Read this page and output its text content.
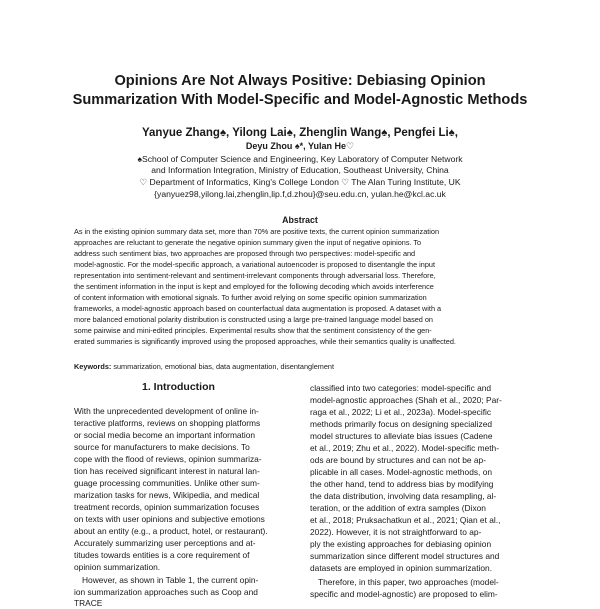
Opinions Are Not Always Positive: Debiasing Opinion
Summarization With Model-Specific and Model-Agnostic Methods
Yanyue Zhang♠, Yilong Lai♠, Zhenglin Wang♠, Pengfei Li♠,
Deyu Zhou ♠*, Yulan He♡
♠School of Computer Science and Engineering, Key Laboratory of Computer Network
and Information Integration, Ministry of Education, Southeast University, China
♡ Department of Informatics, King's College London ♡ The Alan Turing Institute, UK
{yanyuez98,yilong.lai,zhenglin,lip.f,d.zhou}@seu.edu.cn, yulan.he@kcl.ac.uk
Abstract
As in the existing opinion summary data set, more than 70% are positive texts, the current opinion summarization
approaches are reluctant to generate the negative opinion summary given the input of negative opinions. To
address such sentiment bias, two approaches are proposed through two perspectives: model-specific and
model-agnostic. For the model-specific approach, a variational autoencoder is proposed to disentangle the input
representation into sentiment-relevant and sentiment-irrelevant components through adversarial loss. Therefore,
the sentiment information in the input is kept and employed for the following decoding which avoids interference
of content information with emotional signals. To further avoid relying on some specific opinion summarization
frameworks, a model-agnostic approach based on counterfactual data augmentation is proposed. A dataset with a
more balanced emotional polarity distribution is constructed using a large pre-trained language model based on
some pairwise and mini-edited principles. Experimental results show that the sentiment consistency of the gen-
erated summaries is significantly improved using the proposed approaches, while their semantics quality is unaffected.
Keywords: summarization, emotional bias, data augmentation, disentanglement
1. Introduction
With the unprecedented development of online in-
teractive platforms, reviews on shopping platforms
or social media become an important information
source for manufacturers to make decisions. To
cope with the flood of reviews, opinion summariza-
tion has received significant interest in natural lan-
guage processing communities. Unlike other sum-
marization tasks for news, Wikipedia, and medical
treatment records, opinion summarization focuses
on texts with user opinions and subjective emotions
about an entity (e.g., a product, hotel, or restaurant).
Accurately summarizing user perceptions and at-
titudes towards entities is a core requirement of
opinion summarization.
However, as shown in Table 1, the current opin-
ion summarization approaches such as Coop and
TRACE
classified into two categories: model-specific and
model-agnostic approaches (Shah et al., 2020; Par-
raga et al., 2022; Li et al., 2023a). Model-specific
methods primarily focus on designing specialized
model structures to alleviate bias issues (Cadene
et al., 2019; Zhu et al., 2022). Model-specific meth-
ods are bound by structures and can not be ap-
plicable in all cases. Model-agnostic methods, on
the other hand, tend to address bias by modifying
the data distribution, involving data resampling, al-
teration, or the addition of extra samples (Dixon
et al., 2018; Pruksachatkun et al., 2021; Qian et al.,
2022). However, it is not straightforward to ap-
ply the existing approaches for debiasing opinion
summarization since different model structures and
datasets are employed in opinion summarization.
Therefore, in this paper, two approaches (model-
specific and model-agnostic) are proposed to elim-
